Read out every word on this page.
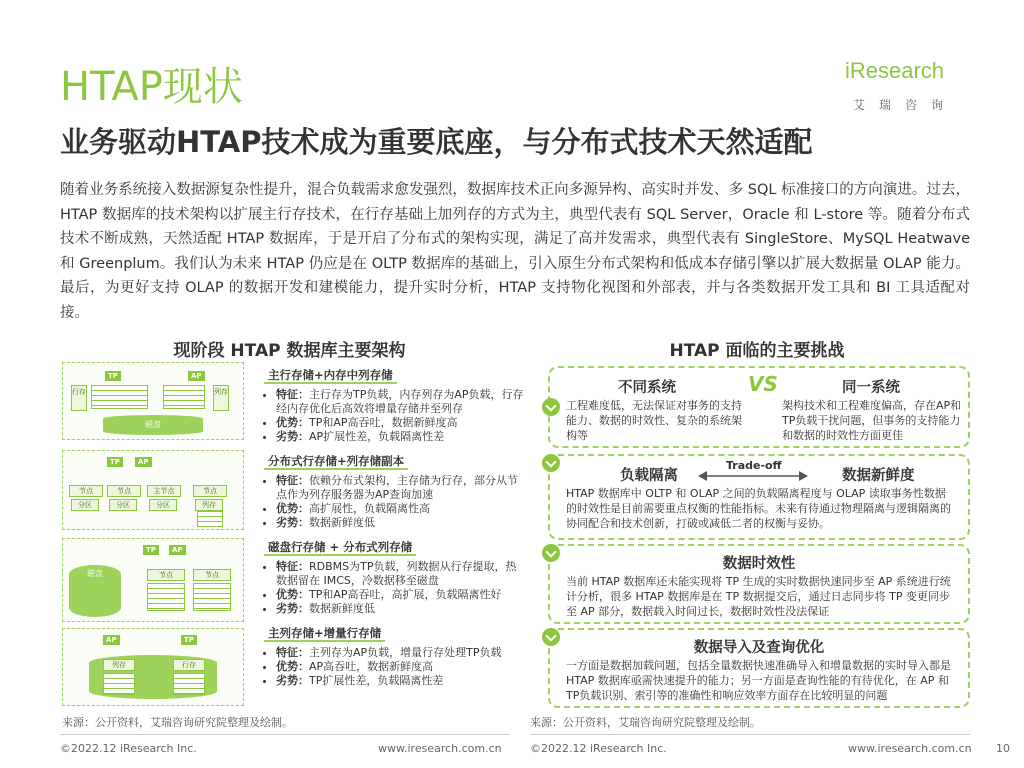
HTAP现状
业务驱动HTAP技术成为重要底座，与分布式技术天然适配
iResearch
艾瑞咨询
随着业务系统接入数据源复杂性提升，混合负载需求愈发强烈，数据库技术正向多源异构、高实时并发、多 SQL 标准接口的方向演进。过去，HTAP 数据库的技术架构以扩展主行存技术，在行存基础上加列存的方式为主，典型代表有 SQL Server，Oracle 和 L-store 等。随着分布式技术不断成熟，天然适配 HTAP 数据库，于是开启了分布式的架构实现，满足了高并发需求，典型代表有 SingleStore、MySQL Heatwave 和 Greenplum。我们认为未来 HTAP 仍应是在 OLTP 数据库的基础上，引入原生分布式架构和低成本存储引擎以扩展大数据量 OLAP 能力。最后，为更好支持 OLAP 的数据开发和建模能力，提升实时分析，HTAP 支持物化视图和外部表，并与各类数据开发工具和 BI 工具适配对接。
现阶段 HTAP 数据库主要架构
TP	AP
行存	列存
磁盘
TP	AP
节点	节点	主节点	节点
分区	分区	分区	列存
TP	AP
磁盘	节点	节点
AP	TP
列存	行存
主行存储+内存中列存储
• 特征：主行存为TP负载，内存列存为AP负载，行存经内存优化后高效将增量存储并至列存
• 优势：TP和AP高吞吐，数据新鲜度高
• 劣势：AP扩展性差，负载隔离性差
分布式行存储+列存储副本
• 特征：依赖分布式架构，主存储为行存，部分从节点作为列存服务器为AP查询加速
• 优势：高扩展性，负载隔离性高
• 劣势：数据新鲜度低
磁盘行存储 + 分布式列存储
• 特征：RDBMS为TP负载，列数据从行存提取，热数据留在 IMCS，冷数据移至磁盘
• 优势：TP和AP高吞吐，高扩展，负载隔离性好
• 劣势：数据新鲜度低
主列存储+增量行存储
• 特征：主列存为AP负载，增量行存处理TP负载
• 优势：AP高吞吐，数据新鲜度高
• 劣势：TP扩展性差，负载隔离性差
来源：公开资料，艾瑞咨询研究院整理及绘制。
HTAP 面临的主要挑战
不同系统	VS	同一系统
工程难度低，无法保证对事务的支持能力、数据的时效性、复杂的系统架构等
架构技术和工程难度偏高，存在AP和TP负载干扰问题，但事务的支持能力和数据的时效性方面更佳
负载隔离
Trade-off
数据新鲜度
HTAP 数据库中 OLTP 和 OLAP 之间的负载隔离程度与 OLAP 读取事务性数据的时效性是目前需要重点权衡的性能指标。未来有待通过物理隔离与逻辑隔离的协同配合和技术创新，打破或减低二者的权衡与妥协。
数据时效性
当前 HTAP 数据库还未能实现将 TP 生成的实时数据快速同步至 AP 系统进行统计分析，很多 HTAP 数据库是在 TP 数据提交后，通过日志同步将 TP 变更同步至 AP 部分，数据载入时间过长，数据时效性没法保证
数据导入及查询优化
一方面是数据加载问题，包括全量数据快速准确导入和增量数据的实时导入都是 HTAP 数据库亟需快速提升的能力；另一方面是查询性能的有待优化，在 AP 和 TP负载识别、索引等的准确性和响应效率方面存在比较明显的问题
来源：公开资料，艾瑞咨询研究院整理及绘制。
©2022.12 iResearch Inc.	www.iresearch.com.cn	©2022.12 iResearch Inc.	www.iresearch.com.cn 10
